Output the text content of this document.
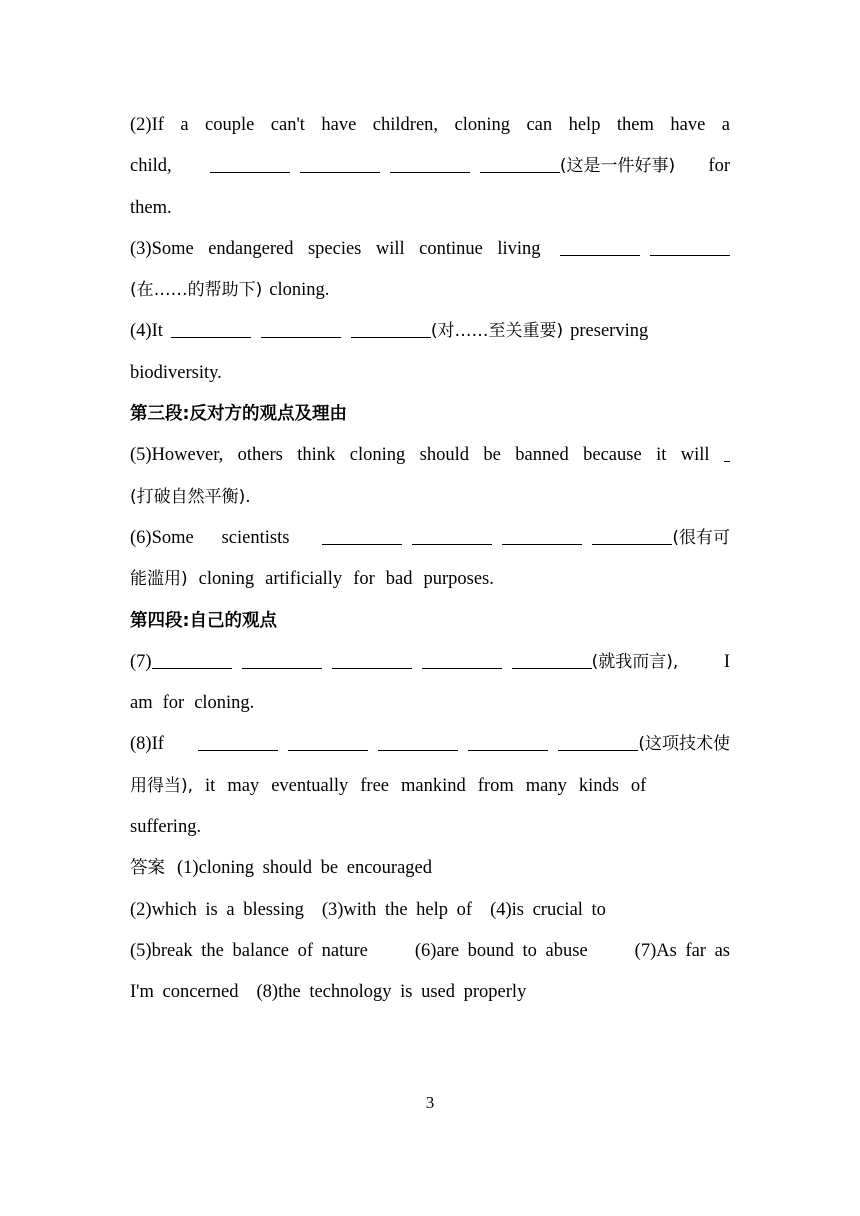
(2)If a couple can't have children, cloning can help them have a
child,	(这是一件好事) for
them.
(3)Some endangered species will continue living
(在……的帮助下) cloning.
(4)It	(对……至关重要) preserving
biodiversity.
第三段:反对方的观点及理由
(5)However, others think cloning should be banned because it will
(打破自然平衡).
(6)Some scientists	(很有可
能滥用) cloning artificially for bad purposes.
第四段:自己的观点
(7)	(就我而言), I
am for cloning.
(8)If	(这项技术使
用得当), it may eventually free mankind from many kinds of
suffering.
答案 (1)cloning should be encouraged
(2)which is a blessing (3)with the help of (4)is crucial to
(5)break the balance of nature	(6)are bound to abuse	(7)As far as
I'm concerned (8)the technology is used properly
3
